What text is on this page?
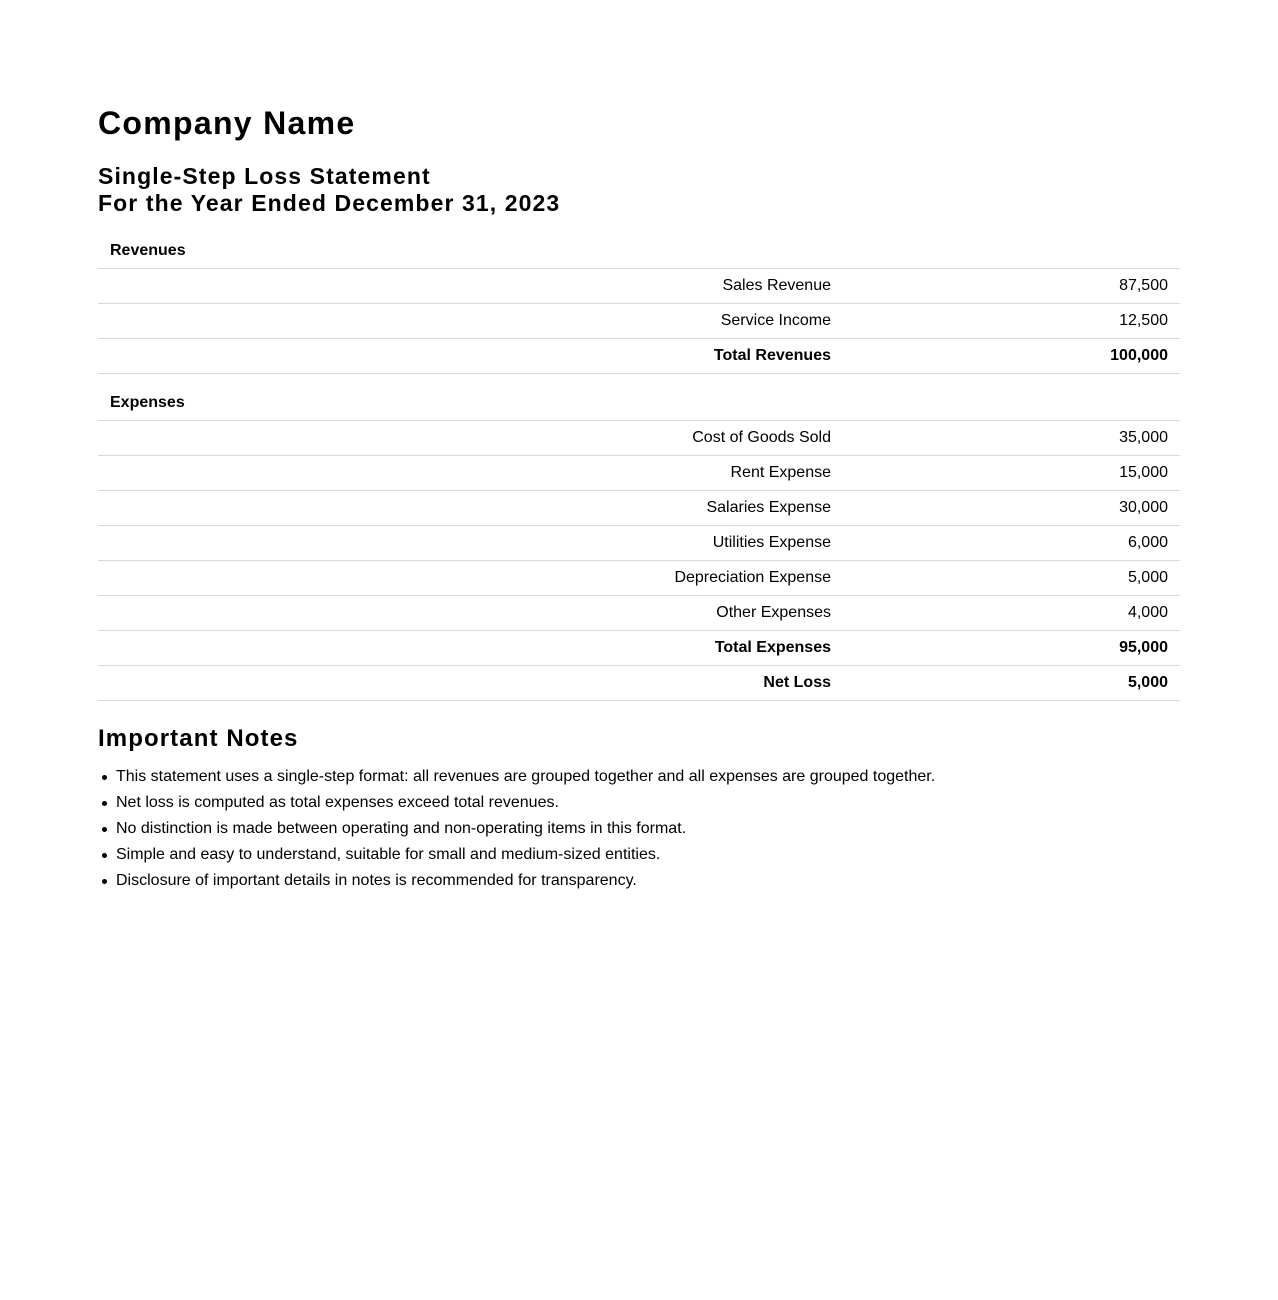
Company Name
Single-Step Loss Statement
For the Year Ended December 31, 2023
Revenues	
Sales Revenue	87,500
Service Income	12,500
Total Revenues	100,000
Expenses	
Cost of Goods Sold	35,000
Rent Expense	15,000
Salaries Expense	30,000
Utilities Expense	6,000
Depreciation Expense	5,000
Other Expenses	4,000
Total Expenses	95,000
Net Loss	5,000
Important Notes
This statement uses a single-step format: all revenues are grouped together and all expenses are grouped together.
Net loss is computed as total expenses exceed total revenues.
No distinction is made between operating and non-operating items in this format.
Simple and easy to understand, suitable for small and medium-sized entities.
Disclosure of important details in notes is recommended for transparency.
